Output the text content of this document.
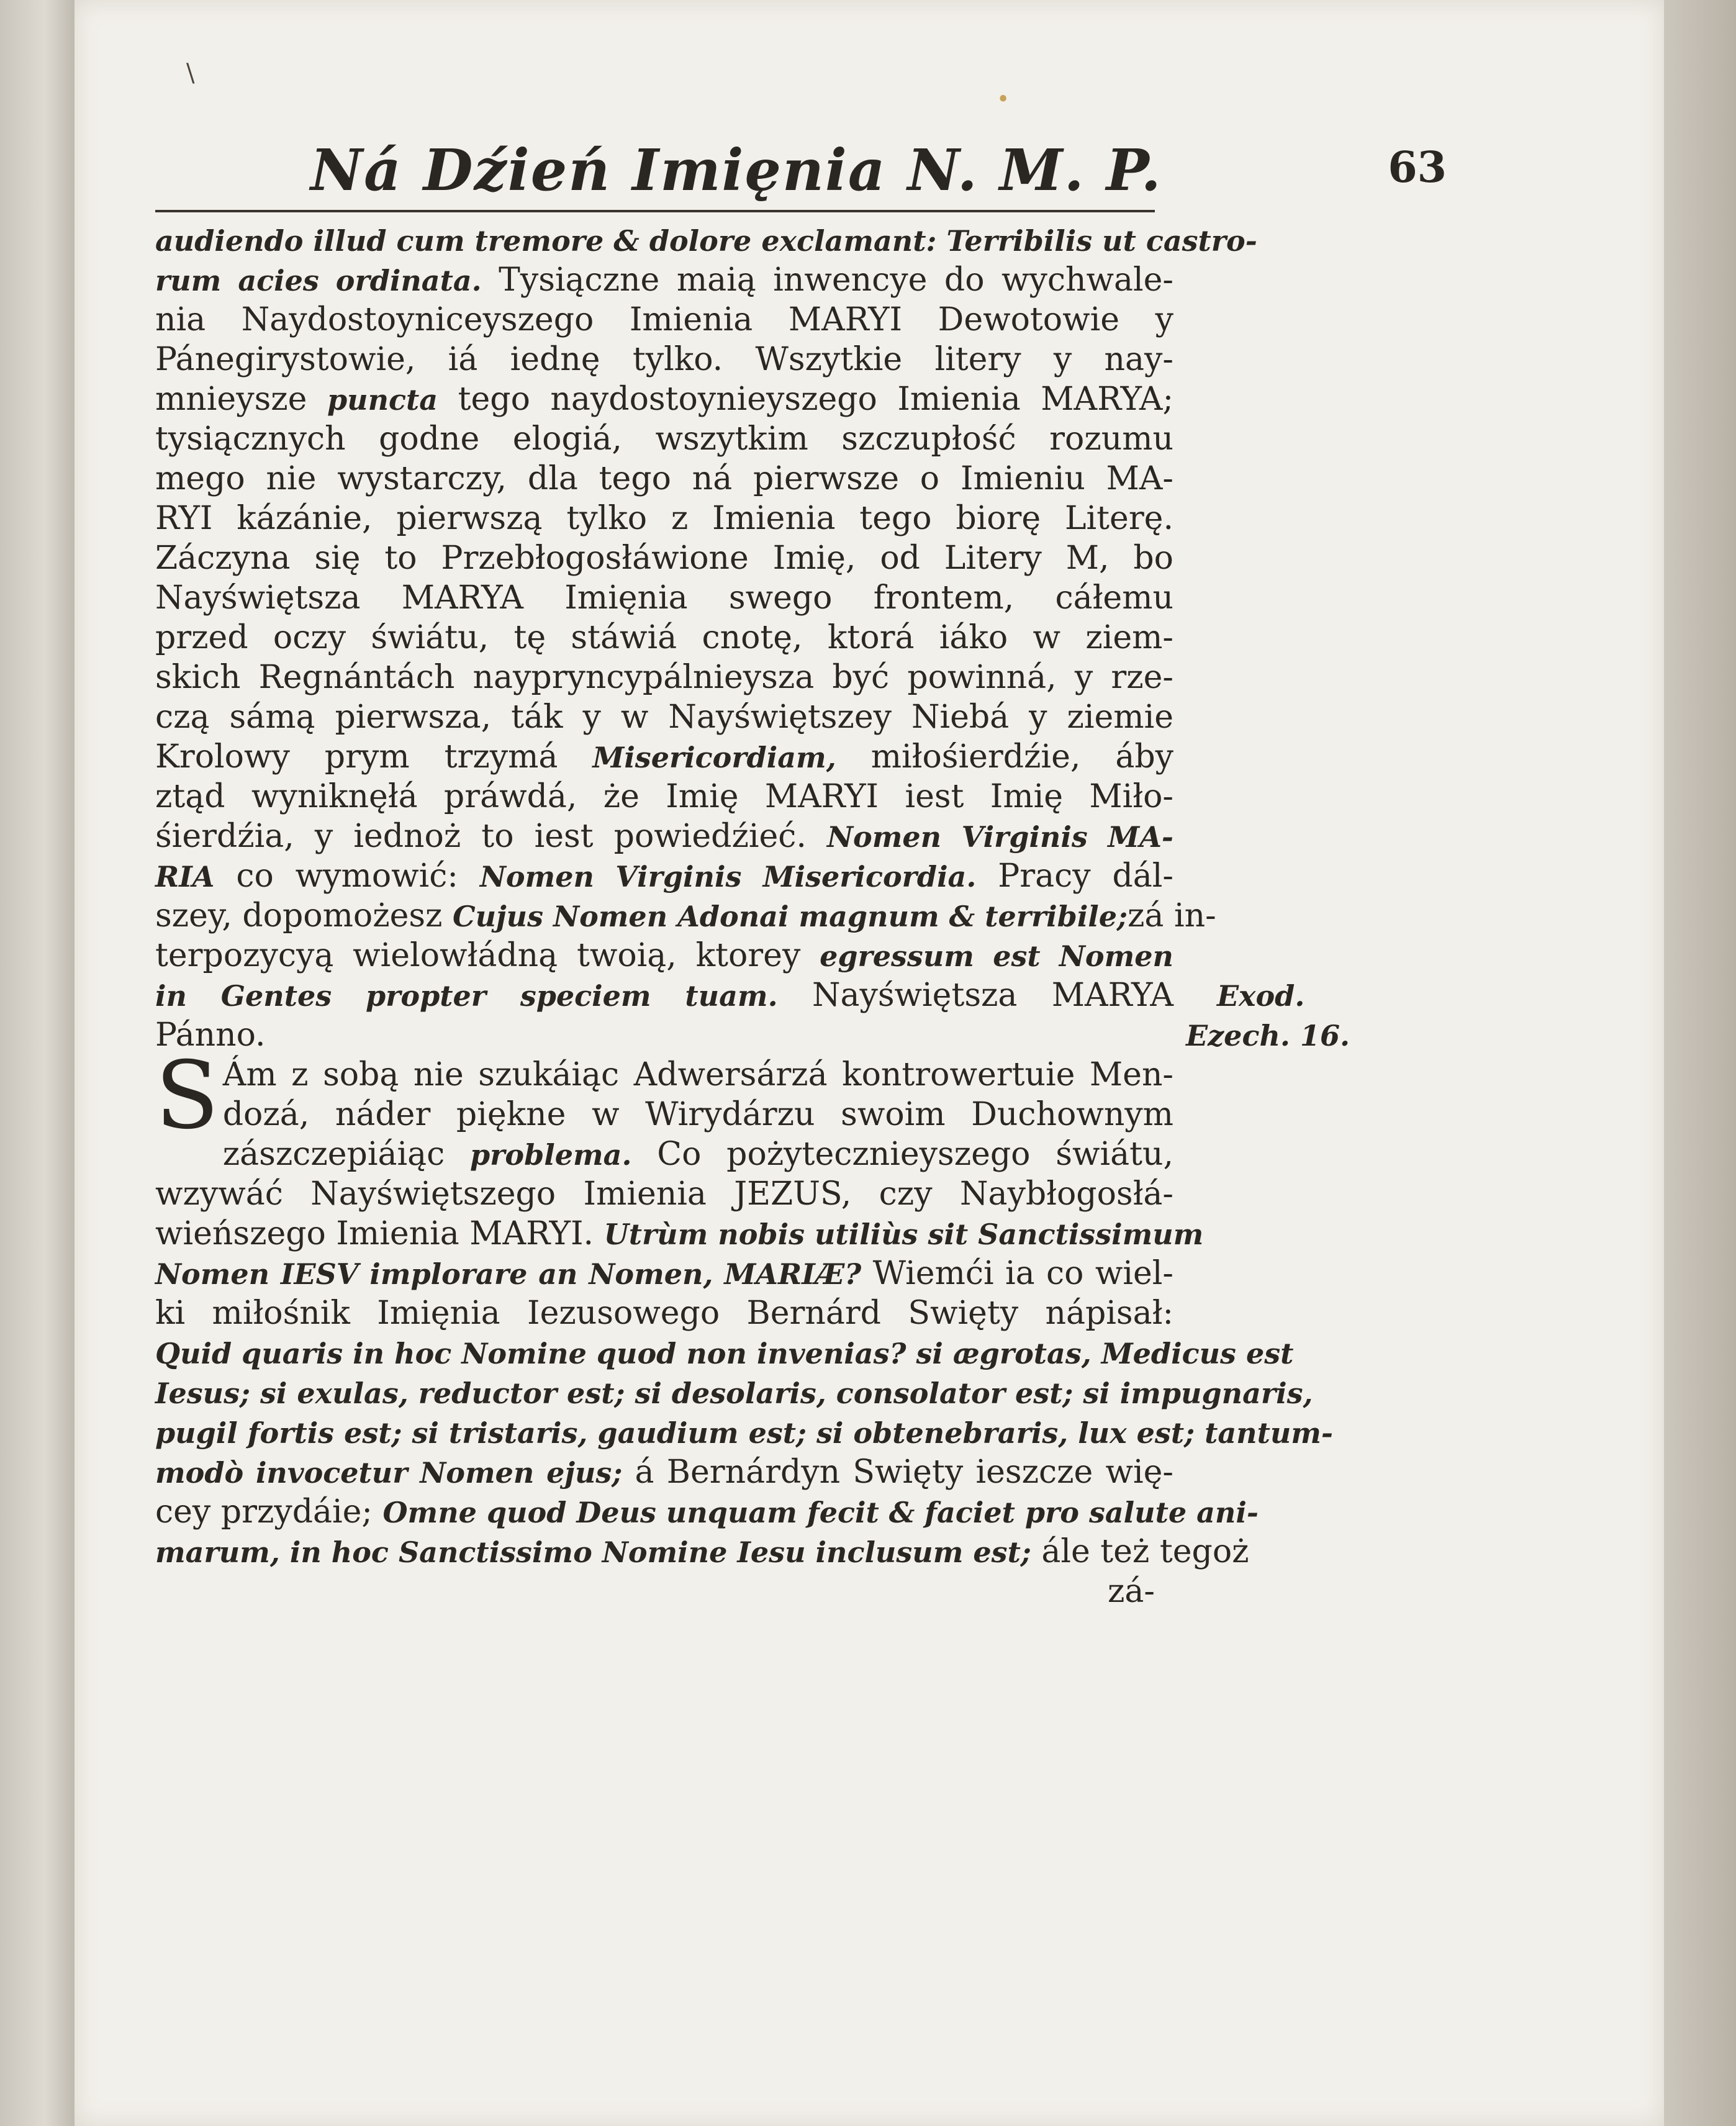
\
•
Ná Dźień Imięnia N. M. P.	63
audiendo illud cum tremore & dolore exclamant: Terribilis ut castro-
rum acies ordinata. Tysiączne maią inwencye do wychwale-
nia Naydostoyniceyszego Imienia MARYI Dewotowie y
Pánegirystowie, iá iednę tylko. Wszytkie litery y nay-
mnieysze puncta tego naydostoynieyszego Imienia MARYA;
tysiącznych godne elogiá, wszytkim szczupłość rozumu
mego nie wystarczy, dla tego ná pierwsze o Imieniu MA-
RYI kázánie, pierwszą tylko z Imienia tego biorę Literę.
Záczyna się to Przebłogosłáwione Imię, od Litery M, bo
Nayświętsza MARYA Imięnia swego frontem, cáłemu
przed oczy świátu, tę stáwiá cnotę, ktorá iáko w ziem-
skich Regnántách naypryncypálnieysza być powinná, y rze-
czą sámą pierwsza, ták y w Nayświętszey Niebá y ziemie
Krolowy prym trzymá Misericordiam, miłośierdźie, áby
ztąd wyniknęłá práwdá, że Imię MARYI iest Imię Miło-
śierdźia, y iednoż to iest powiedźieć. Nomen Virginis MA-
RIA co wymowić: Nomen Virginis Misericordia. Pracy dál-
szey, dopomożesz Cujus Nomen Adonai magnum & terribile;zá in-
terpozycyą wielowłádną twoią, ktorey egressum est Nomen
in Gentes propter speciem tuam. Nayświętsza MARYA
Pánno.
S Ám z sobą nie szukáiąc Adwersárzá kontrowertuie Men-
dozá, náder piękne w Wirydárzu swoim Duchownym
zászczepiáiąc problema. Co pożytecznieyszego świátu,
wzywáć Nayświętszego Imienia JEZUS, czy Naybłogosłá-
wieńszego Imienia MARYI. Utrùm nobis utiliùs sit Sanctissimum
Nomen IESV implorare an Nomen, MARIÆ? Wiemći ia co wiel-
ki miłośnik Imięnia Iezusowego Bernárd Swięty nápisał:
Quid quaris in hoc Nomine quod non invenias? si ægrotas, Medicus est
Iesus; si exulas, reductor est; si desolaris, consolator est; si impugnaris,
pugil fortis est; si tristaris, gaudium est; si obtenebraris, lux est; tantum-
modò invocetur Nomen ejus; á Bernárdyn Swięty ieszcze wię-
cey przydáie; Omne quod Deus unquam fecit & faciet pro salute ani-
marum, in hoc Sanctissimo Nomine Iesu inclusum est; ále też tegoż
zá-
Exod.
Ezech. 16.
